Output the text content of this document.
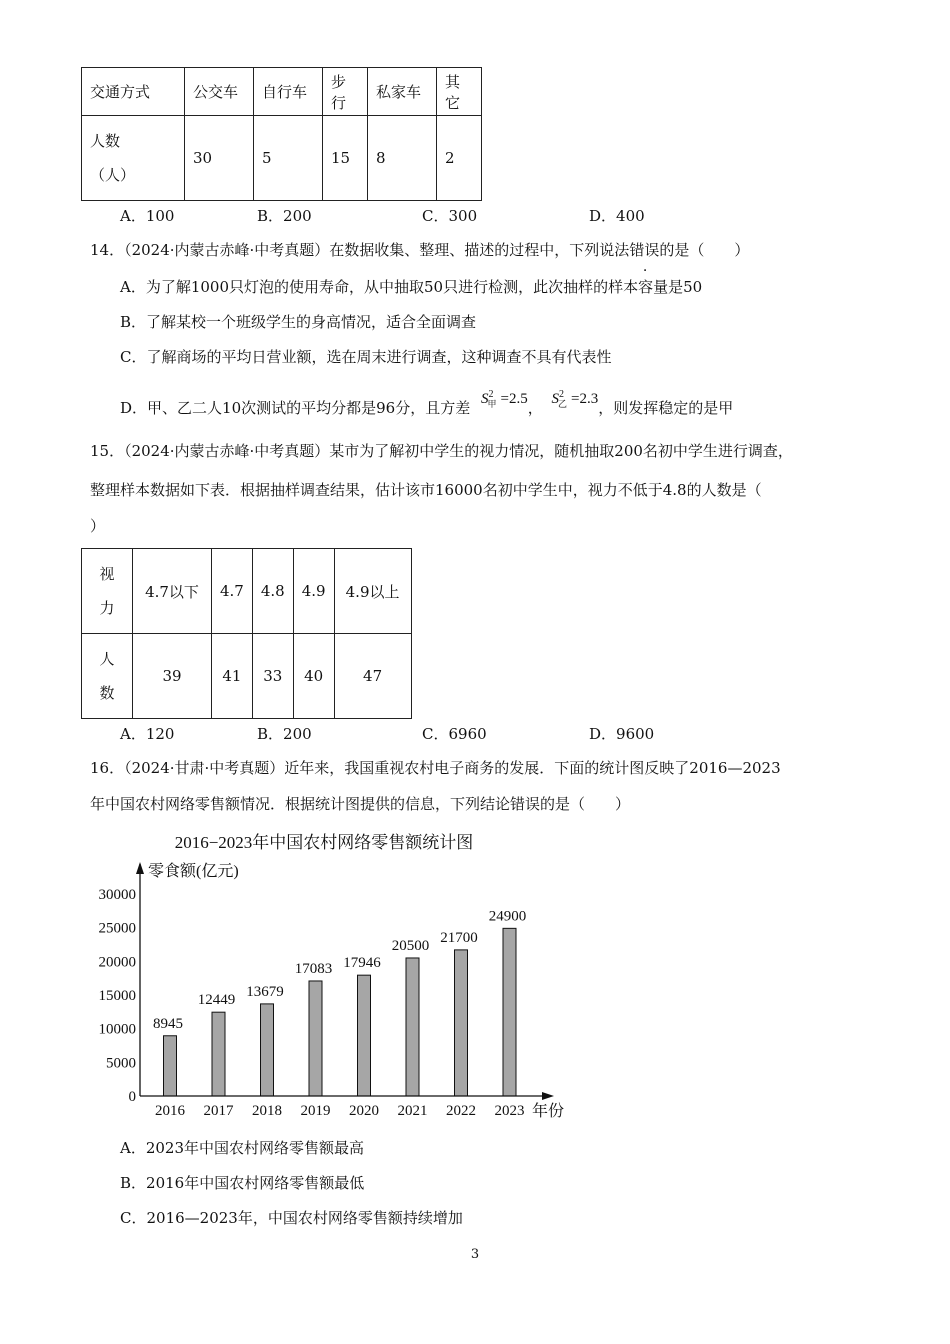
交通方式	公交车	自行车	步行	私家车	其它

人数
（人）	30	5	15	8	2
A．100	B．200	C．300	D．400
14．（2024·内蒙古赤峰·中考真题）在数据收集、整理、描述的过程中，下列说法错误的是（　　）
A．为了解1000只灯泡的使用寿命，从中抽取50只进行检测，此次抽样的样本容量是50
B．了解某校一个班级学生的身高情况，适合全面调查
C．了解商场的平均日营业额，选在周末进行调查，这种调查不具有代表性
D．甲、乙二人10次测试的平均分都是96分，且方差 $S^2_甲 =2.5$， $S^2_乙 =2.3$，则发挥稳定的是甲
15．（2024·内蒙古赤峰·中考真题）某市为了解初中学生的视力情况，随机抽取200名初中学生进行调查，
整理样本数据如下表．根据抽样调查结果，估计该市16000名初中学生中，视力不低于4.8的人数是（
）
视
力	4.7以下	4.7	4.8	4.9	4.9以上

人
数	39	41	33	40	47
A．120	B．200	C．6960	D．9600
16．（2024·甘肃·中考真题）近年来，我国重视农村电子商务的发展．下面的统计图反映了2016—2023
年中国农村网络零售额情况．根据统计图提供的信息，下列结论错误的是（　　）
2016−2023年中国农村网络零售额统计图
零食额(亿元)
年份
8945
12449
13679
17083 17946
20500
21700
24900
0
5000
10000
15000
20000
25000
30000
2016 2017 2018 2019 2020 2021 2022 2023
A．2023年中国农村网络零售额最高
B．2016年中国农村网络零售额最低
C．2016—2023年，中国农村网络零售额持续增加
3
